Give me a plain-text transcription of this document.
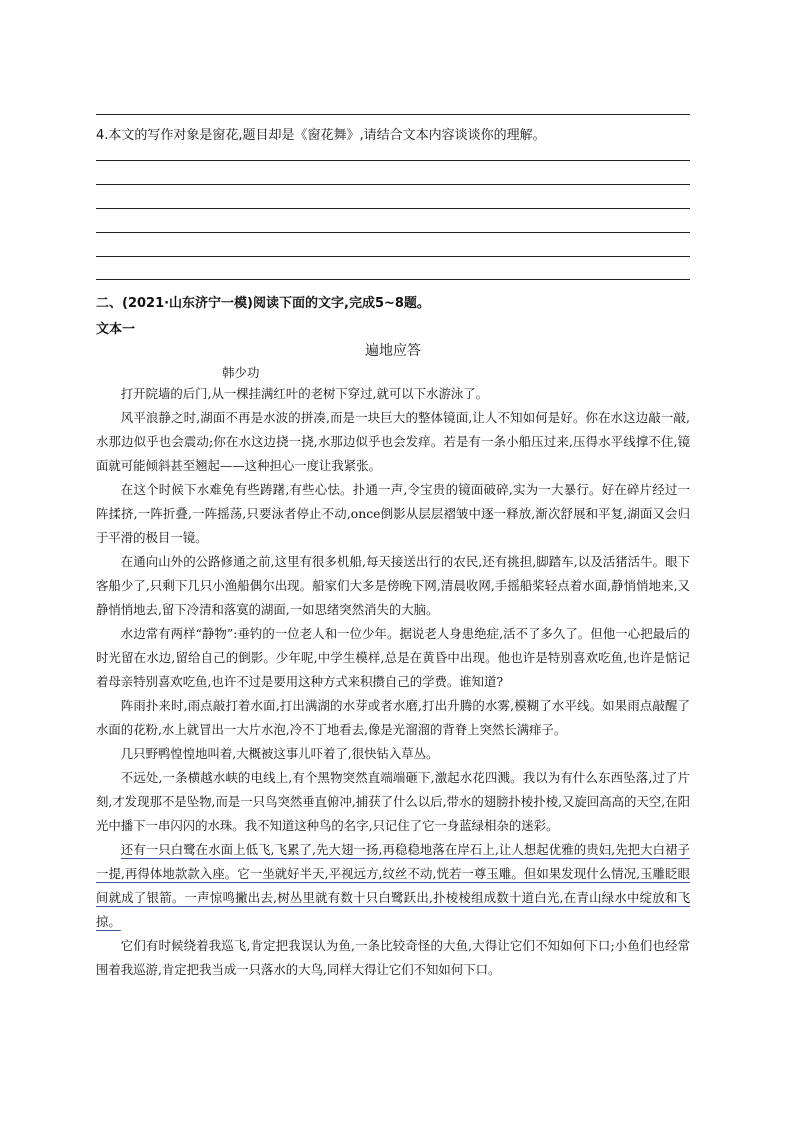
4.本文的写作对象是窗花,题目却是《窗花舞》,请结合文本内容谈谈你的理解。
二、(2021·山东济宁一模)阅读下面的文字,完成5~8题。
文本一
遍地应答
韩少功

打开院墙的后门,从一棵挂满红叶的老树下穿过,就可以下水游泳了。

风平浪静之时,湖面不再是水波的拼凑,而是一块巨大的整体镜面,让人不知如何是好。你在水这边敲一敲,水那边似乎也会震动;你在水这边挠一挠,水那边似乎也会发痒。若是有一条小船压过来,压得水平线撑不住,镜面就可能倾斜甚至翘起——这种担心一度让我紧张。

在这个时候下水难免有些踌躇,有些心怯。扑通一声,令宝贵的镜面破碎,实为一大暴行。好在碎片经过一阵揉挤,一阵折叠,一阵摇荡,只要泳者停止不动,once倒影从层层褶皱中逐一释放,渐次舒展和平复,湖面又会归于平滑的极目一镜。

在通向山外的公路修通之前,这里有很多机船,每天接送出行的农民,还有挑担,脚踏车,以及活猪活牛。眼下客船少了,只剩下几只小渔船偶尔出现。船家们大多是傍晚下网,清晨收网,手摇船桨轻点着水面,静悄悄地来,又静悄悄地去,留下冷清和落寞的湖面,一如思绪突然消失的大脑。

水边常有两样“静物”:垂钓的一位老人和一位少年。据说老人身患绝症,活不了多久了。但他一心把最后的时光留在水边,留给自己的倒影。少年呢,中学生模样,总是在黄昏中出现。他也许是特别喜欢吃鱼,也许是惦记着母亲特别喜欢吃鱼,也许不过是要用这种方式来积攒自己的学费。谁知道?

阵雨扑来时,雨点敲打着水面,打出满湖的水芽或者水磨,打出升腾的水雾,模糊了水平线。如果雨点敲醒了水面的花粉,水上就冒出一大片水泡,冷不丁地看去,像是光溜溜的背脊上突然长满痱子。

几只野鸭惶惶地叫着,大概被这事儿吓着了,很快钻入草丛。

不远处,一条横越水峡的电线上,有个黑物突然直端端砸下,激起水花四溅。我以为有什么东西坠落,过了片刻,才发现那不是坠物,而是一只鸟突然垂直俯冲,捕获了什么以后,带水的翅膀扑棱扑棱,又旋回高高的天空,在阳光中播下一串闪闪的水珠。我不知道这种鸟的名字,只记住了它一身蓝绿相杂的迷彩。

还有一只白鹭在水面上低飞,飞累了,先大翅一扬,再稳稳地落在岸石上,让人想起优雅的贵妇,先把大白裙子一提,再得体地款款入座。它一坐就好半天,平视远方,纹丝不动,恍若一尊玉雕。但如果发现什么情况,玉雕眨眼间就成了银箭。一声惊鸣撇出去,树丛里就有数十只白鹭跃出,扑棱棱组成数十道白光,在青山绿水中绽放和飞掠。

它们有时候绕着我巡飞,肯定把我误认为鱼,一条比较奇怪的大鱼,大得让它们不知如何下口;小鱼们也经常围着我巡游,肯定把我当成一只落水的大鸟,同样大得让它们不知如何下口。
